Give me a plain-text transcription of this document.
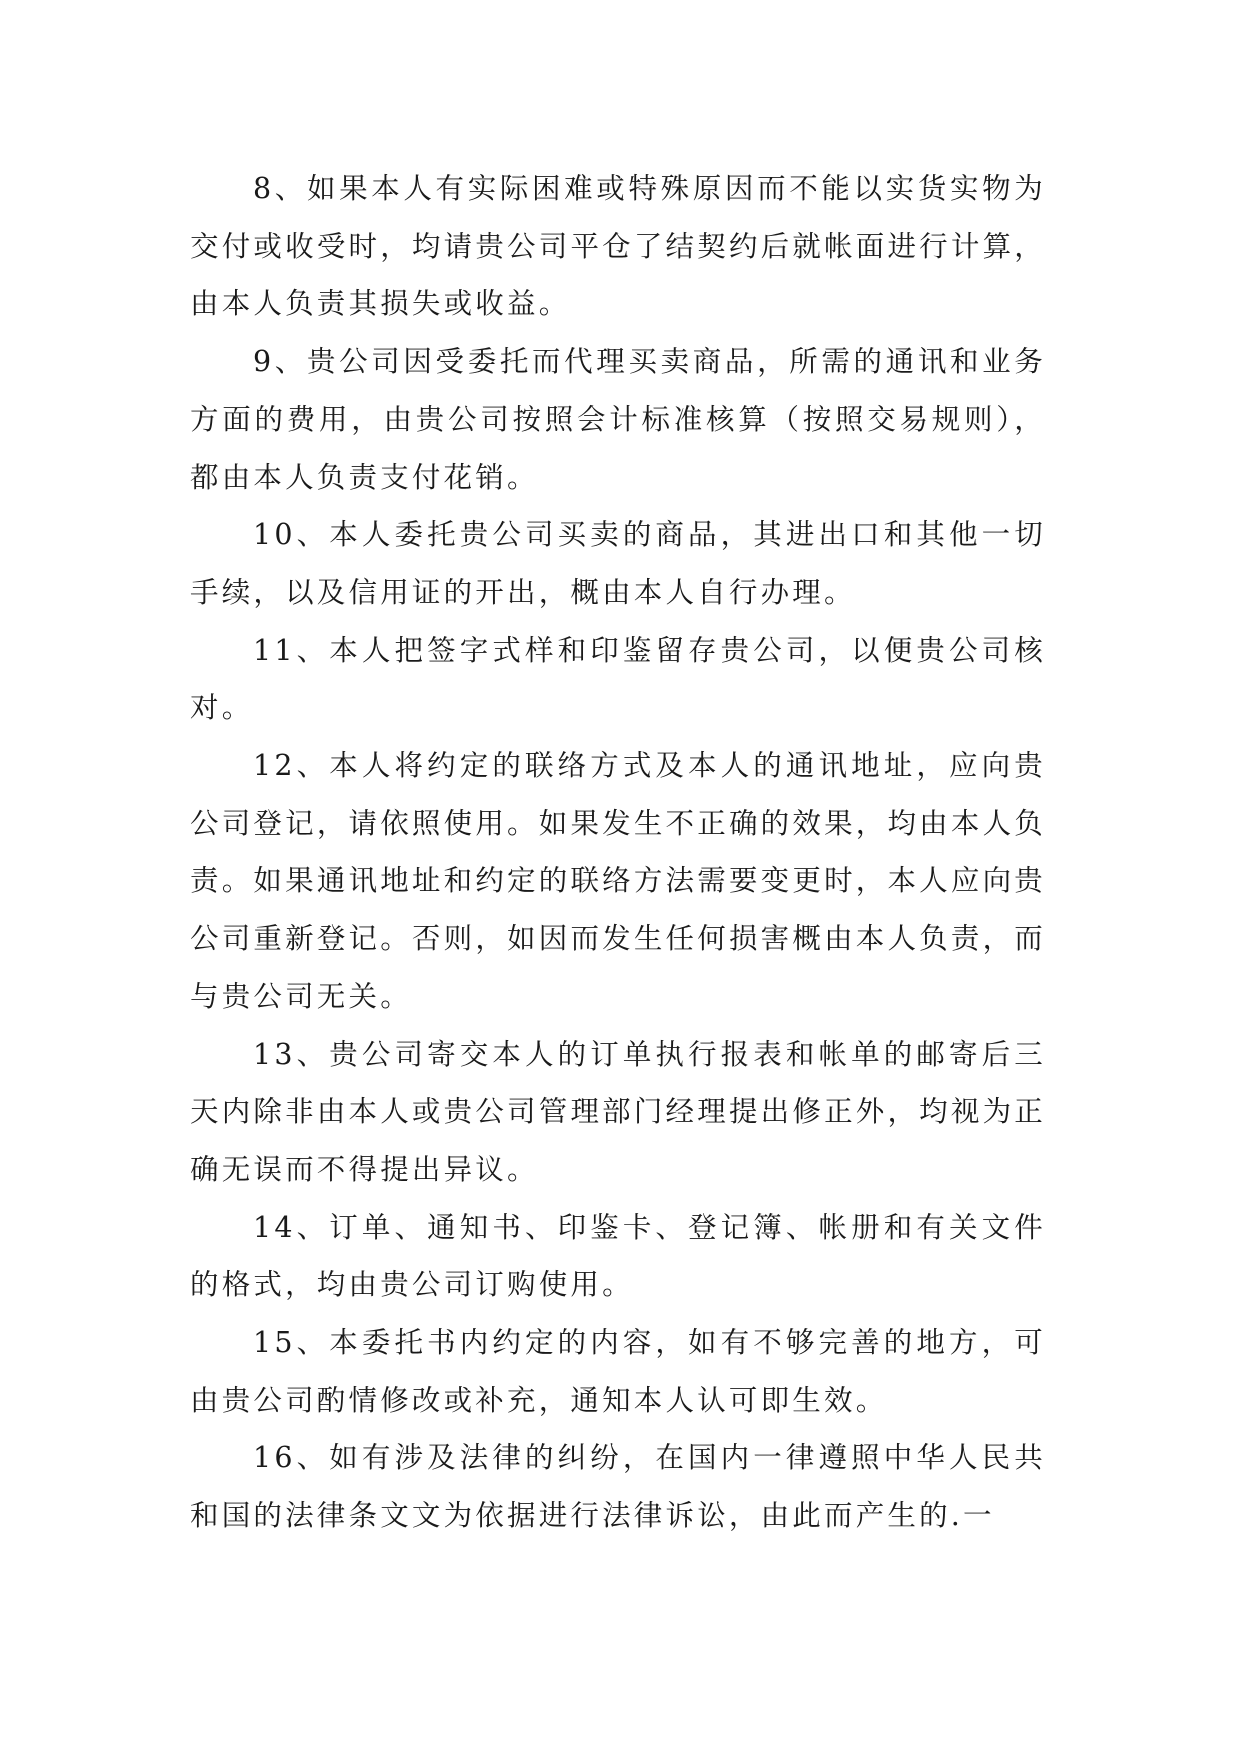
8、如果本人有实际困难或特殊原因而不能以实货实物为交付或收受时，均请贵公司平仓了结契约后就帐面进行计算，由本人负责其损失或收益。

9、贵公司因受委托而代理买卖商品，所需的通讯和业务方面的费用，由贵公司按照会计标准核算（按照交易规则），都由本人负责支付花销。

10、本人委托贵公司买卖的商品，其进出口和其他一切手续，以及信用证的开出，概由本人自行办理。

11、本人把签字式样和印鉴留存贵公司，以便贵公司核对。

12、本人将约定的联络方式及本人的通讯地址，应向贵公司登记，请依照使用。如果发生不正确的效果，均由本人负责。如果通讯地址和约定的联络方法需要变更时，本人应向贵公司重新登记。否则，如因而发生任何损害概由本人负责，而与贵公司无关。

13、贵公司寄交本人的订单执行报表和帐单的邮寄后三天内除非由本人或贵公司管理部门经理提出修正外，均视为正确无误而不得提出异议。

14、订单、通知书、印鉴卡、登记簿、帐册和有关文件的格式，均由贵公司订购使用。

15、本委托书内约定的内容，如有不够完善的地方，可由贵公司酌情修改或补充，通知本人认可即生效。

16、如有涉及法律的纠纷，在国内一律遵照中华人民共和国的法律条文文为依据进行法律诉讼，由此而产生的.一
